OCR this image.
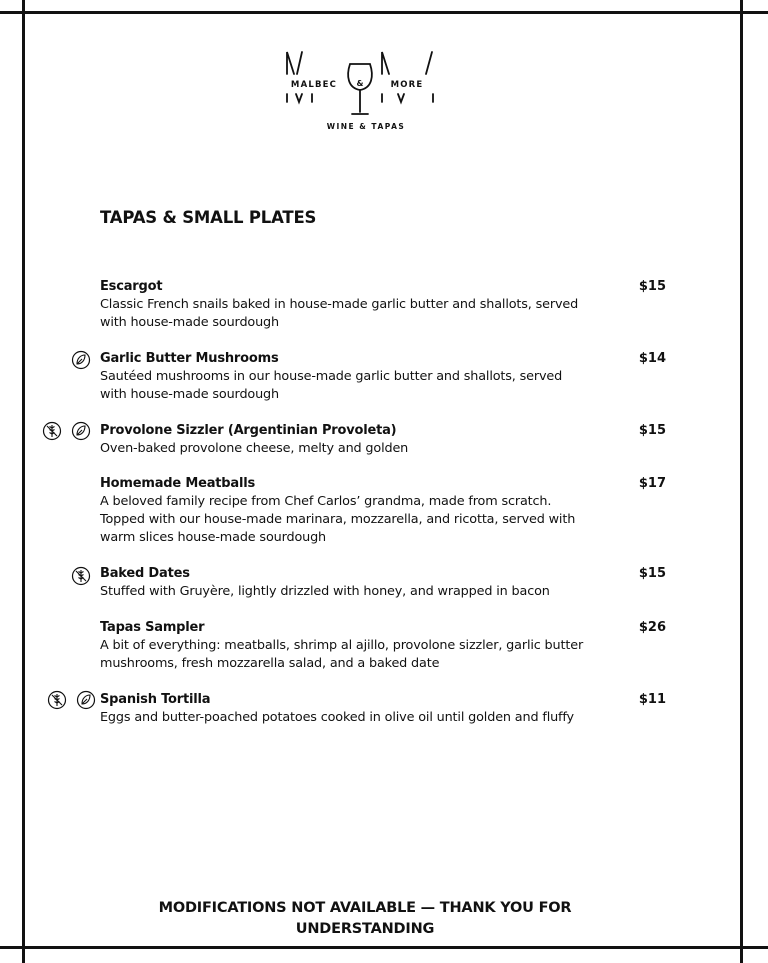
MALBEC &	MORE
WINE & TAPAS
TAPAS & SMALL PLATES
Escargot	$15
Classic French snails baked in house-made garlic butter and shallots, served with house-made sourdough
Garlic Butter Mushrooms	$14
Sautéed mushrooms in our house-made garlic butter and shallots, served with house-made sourdough
Provolone Sizzler (Argentinian Provoleta)	$15
Oven-baked provolone cheese, melty and golden
Homemade Meatballs	$17
A beloved family recipe from Chef Carlos’ grandma, made from scratch. Topped with our house-made marinara, mozzarella, and ricotta, served with warm slices house-made sourdough
Baked Dates	$15
Stuffed with Gruyère, lightly drizzled with honey, and wrapped in bacon
Tapas Sampler	$26
A bit of everything: meatballs, shrimp al ajillo, provolone sizzler, garlic butter mushrooms, fresh mozzarella salad, and a baked date
Spanish Tortilla	$11
Eggs and butter-poached potatoes cooked in olive oil until golden and fluffy
MODIFICATIONS NOT AVAILABLE — THANK YOU FOR UNDERSTANDING
